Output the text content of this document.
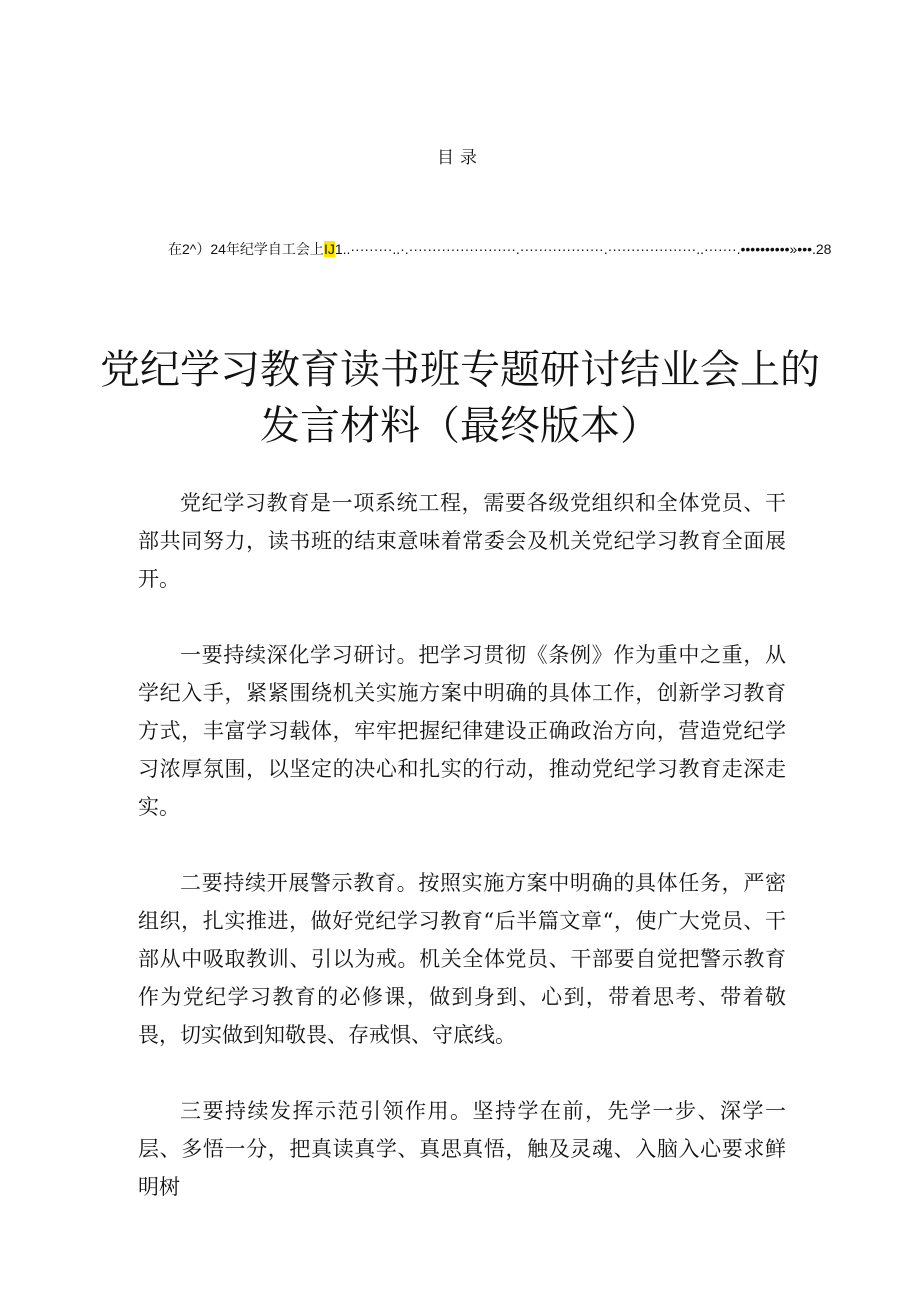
目录
在2^）24年纪学自工会上IJ1..·········..·.·······················.··················.···················..·······.••••••••••»•••.28
党纪学习教育读书班专题研讨结业会上的
发言材料（最终版本）

党纪学习教育是一项系统工程，需要各级党组织和全体党员、干部共同努力，读书班的结束意味着常委会及机关党纪学习教育全面展开。

一要持续深化学习研讨。把学习贯彻《条例》作为重中之重，从学纪入手，紧紧围绕机关实施方案中明确的具体工作，创新学习教育方式，丰富学习载体，牢牢把握纪律建设正确政治方向，营造党纪学习浓厚氛围，以坚定的决心和扎实的行动，推动党纪学习教育走深走实。

二要持续开展警示教育。按照实施方案中明确的具体任务，严密组织，扎实推进，做好党纪学习教育“后半篇文章“，使广大党员、干部从中吸取教训、引以为戒。机关全体党员、干部要自觉把警示教育作为党纪学习教育的必修课，做到身到、心到，带着思考、带着敬畏，切实做到知敬畏、存戒惧、守底线。

三要持续发挥示范引领作用。坚持学在前，先学一步、深学一层、多悟一分，把真读真学、真思真悟，触及灵魂、入脑入心要求鲜明树
